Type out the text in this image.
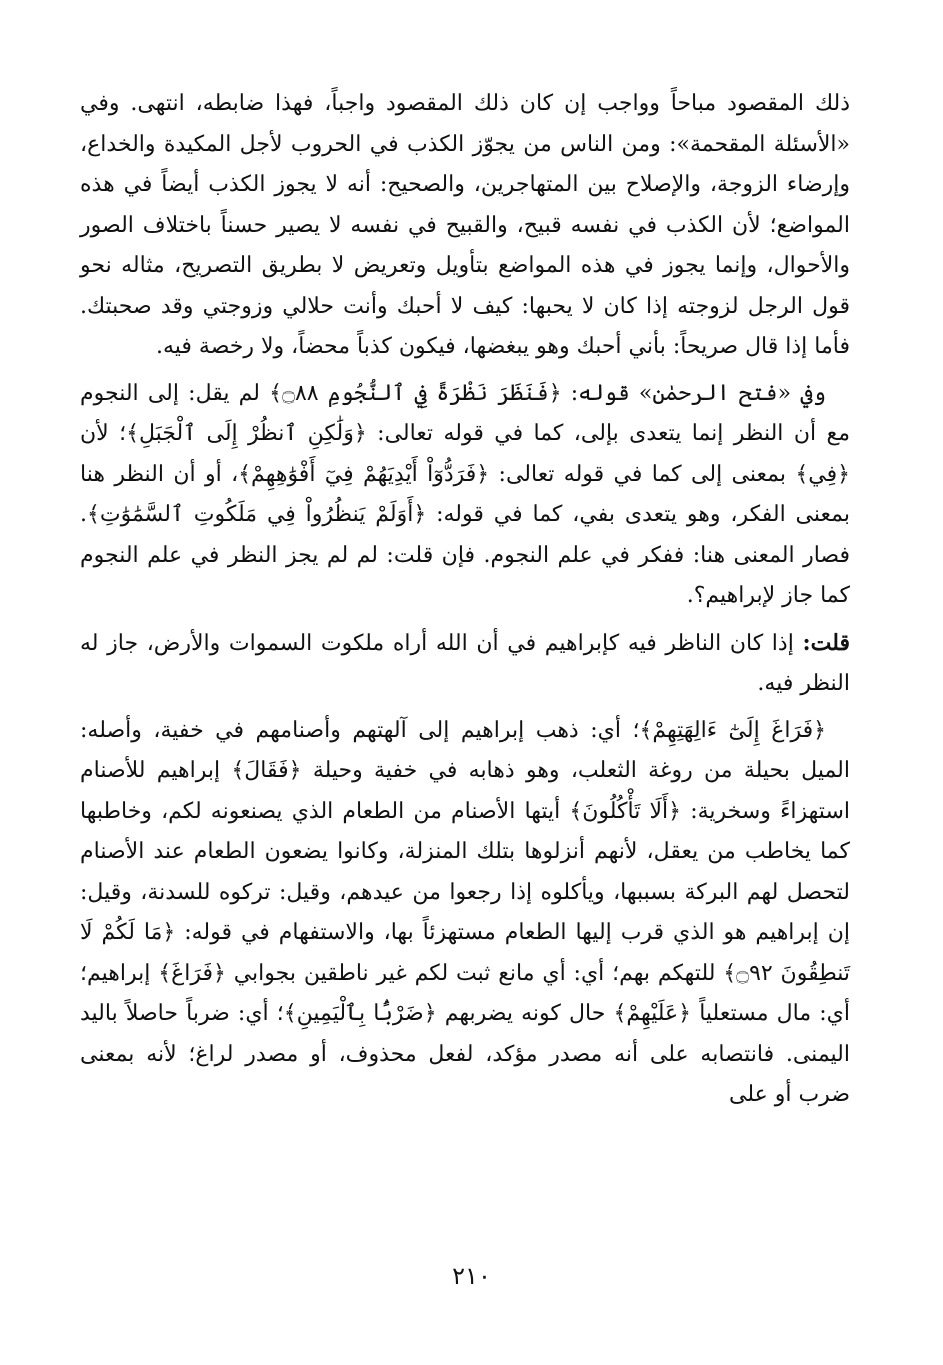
ذلك المقصود مباحاً وواجب إن كان ذلك المقصود واجباً، فهذا ضابطه، انتهى. وفي «الأسئلة المقحمة»: ومن الناس من يجوّز الكذب في الحروب لأجل المكيدة والخداع، وإرضاء الزوجة، والإصلاح بين المتهاجرين، والصحيح: أنه لا يجوز الكذب أيضاً في هذه المواضع؛ لأن الكذب في نفسه قبيح، والقبيح في نفسه لا يصير حسناً باختلاف الصور والأحوال، وإنما يجوز في هذه المواضع بتأويل وتعريض لا بطريق التصريح، مثاله نحو قول الرجل لزوجته إذا كان لا يحبها: كيف لا أحبك وأنت حلالي وزوجتي وقد صحبتك. فأما إذا قال صريحاً: بأني أحبك وهو يبغضها، فيكون كذباً محضاً، ولا رخصة فيه.

وفي «فتح الرحمٰن» قوله: ﴿فَنَظَرَ نَظْرَةً فِي ٱلنُّجُومِ ۝٨٨﴾ لم يقل: إلى النجوم مع أن النظر إنما يتعدى بإلى، كما في قوله تعالى: ﴿وَلَٰكِنِ ٱنظُرْ إِلَى ٱلْجَبَلِ﴾؛ لأن ﴿فِي﴾ بمعنى إلى كما في قوله تعالى: ﴿فَرَدُّوٓاْ أَيْدِيَهُمْ فِيٓ أَفْوَٰهِهِمْ﴾، أو أن النظر هنا بمعنى الفكر، وهو يتعدى بفي، كما في قوله: ﴿أَوَلَمْ يَنظُرُواْ فِي مَلَكُوتِ ٱلسَّمَٰوَٰتِ﴾. فصار المعنى هنا: ففكر في علم النجوم. فإن قلت: لم لم يجز النظر في علم النجوم كما جاز لإبراهيم؟.

قلت: إذا كان الناظر فيه كإبراهيم في أن الله أراه ملكوت السموات والأرض، جاز له النظر فيه.

﴿فَرَاغَ إِلَىٰٓ ءَالِهَتِهِمْ﴾؛ أي: ذهب إبراهيم إلى آلهتهم وأصنامهم في خفية، وأصله: الميل بحيلة من روغة الثعلب، وهو ذهابه في خفية وحيلة ﴿فَقَالَ﴾ إبراهيم للأصنام استهزاءً وسخرية: ﴿أَلَا تَأْكُلُونَ﴾ أيتها الأصنام من الطعام الذي يصنعونه لكم، وخاطبها كما يخاطب من يعقل، لأنهم أنزلوها بتلك المنزلة، وكانوا يضعون الطعام عند الأصنام لتحصل لهم البركة بسببها، ويأكلوه إذا رجعوا من عيدهم، وقيل: تركوه للسدنة، وقيل: إن إبراهيم هو الذي قرب إليها الطعام مستهزئاً بها، والاستفهام في قوله: ﴿مَا لَكُمْ لَا تَنطِقُونَ ۝٩٢﴾ للتهكم بهم؛ أي: أي مانع ثبت لكم غير ناطقين بجوابي ﴿فَرَاغَ﴾ إبراهيم؛ أي: مال مستعلياً ﴿عَلَيْهِمْ﴾ حال كونه يضربهم ﴿ضَرْبًۢا بِٱلْيَمِينِ﴾؛ أي: ضرباً حاصلاً باليد اليمنى. فانتصابه على أنه مصدر مؤكد، لفعل محذوف، أو مصدر لراغ؛ لأنه بمعنى ضرب أو على

٢١٠
